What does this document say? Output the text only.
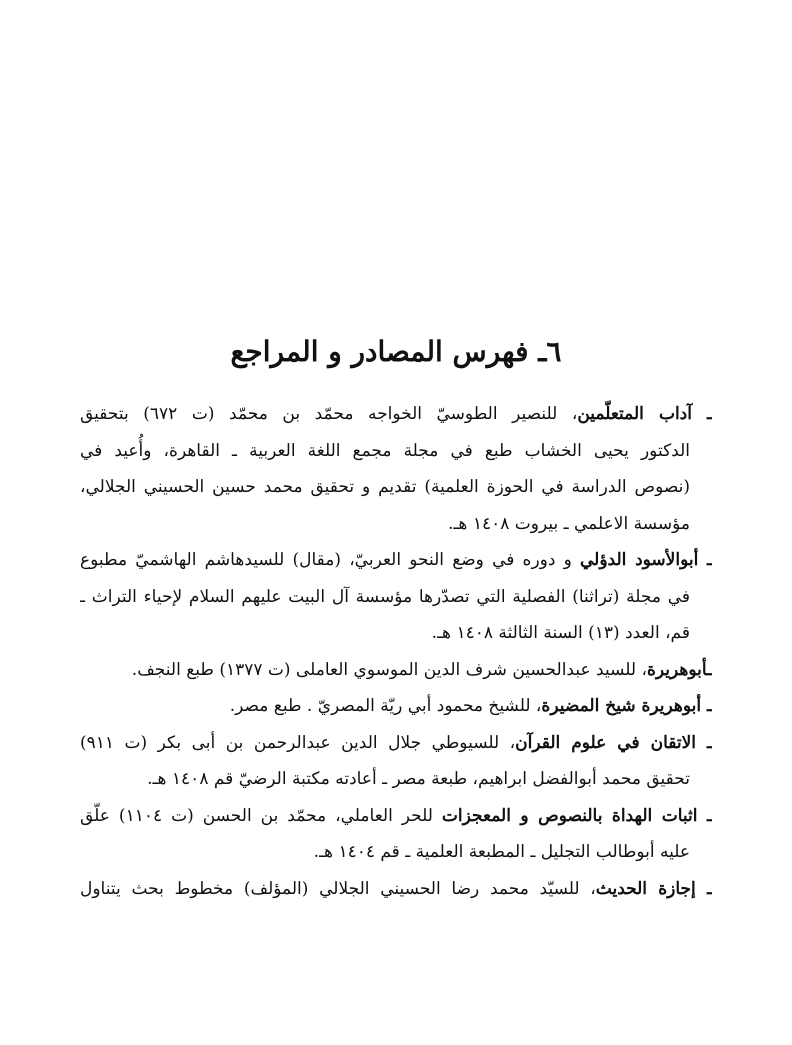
٦ـ فهرس المصادر و المراجع
ـ آداب المتعلّمين، للنصير الطوسيّ الخواجه محمّد بن محمّد (ت ٦٧٢) بتحقيق
الدكتور يحيى الخشاب طبع في مجلة مجمع اللغة العربية ـ القاهرة، وأُعيد في
(نصوص الدراسة في الحوزة العلمية) تقديم و تحقيق محمد حسين الحسيني الجلالي،
مؤسسة الاعلمي ـ بيروت ١٤٠٨ هـ.
ـ أبوالأسود الدؤلي و دوره في وضع النحو العربيّ، (مقال) للسيدهاشم الهاشميّ مطبوع
في مجلة (تراثنا) الفصلية التي تصدّرها مؤسسة آل البيت عليهم السلام لإحياء التراث ـ
قم، العدد (١٣) السنة الثالثة ١٤٠٨ هـ.
ـأبوهريرة، للسيد عبدالحسين شرف الدين الموسوي العاملى (ت ١٣٧٧) طبع النجف.
ـ أبوهريرة شيخ المضيرة، للشيخ محمود أبي ريّة المصريّ . طبع مصر.
ـ الاتقان في علوم القرآن، للسيوطي جلال الدين عبدالرحمن بن أبى بكر (ت ٩١١)
تحقيق محمد أبوالفضل ابراهيم، طبعة مصر ـ أعادته مكتبة الرضيّ قم ١٤٠٨ هـ.
ـ اثبات الهداة بالنصوص و المعجزات للحر العاملي، محمّد بن الحسن (ت ١١٠٤) علّق
عليه أبوطالب التجليل ـ المطبعة العلمية ـ قم ١٤٠٤ هـ.
ـ إجازة الحديث، للسيّد محمد رضا الحسيني الجلالي (المؤلف) مخطوط بحث يتناول
